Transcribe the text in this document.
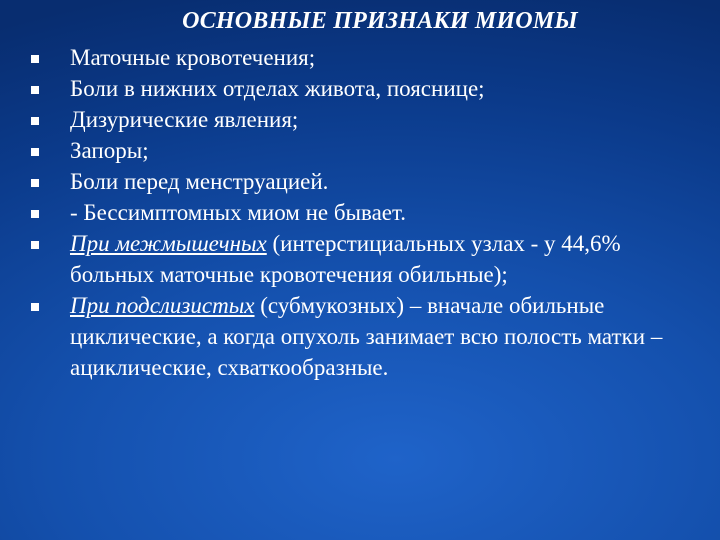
ОСНОВНЫЕ ПРИЗНАКИ МИОМЫ
Маточные кровотечения;
Боли в нижних отделах живота, пояснице;
Дизурические явления;
Запоры;
Боли перед менструацией.
- Бессимптомных миом не бывает.
При межмышечных (интерстициальных узлах - у 44,6% больных маточные кровотечения обильные);
При подслизистых (субмукозных) – вначале обильные циклические, а когда опухоль занимает всю полость матки – ациклические, схваткообразные.
